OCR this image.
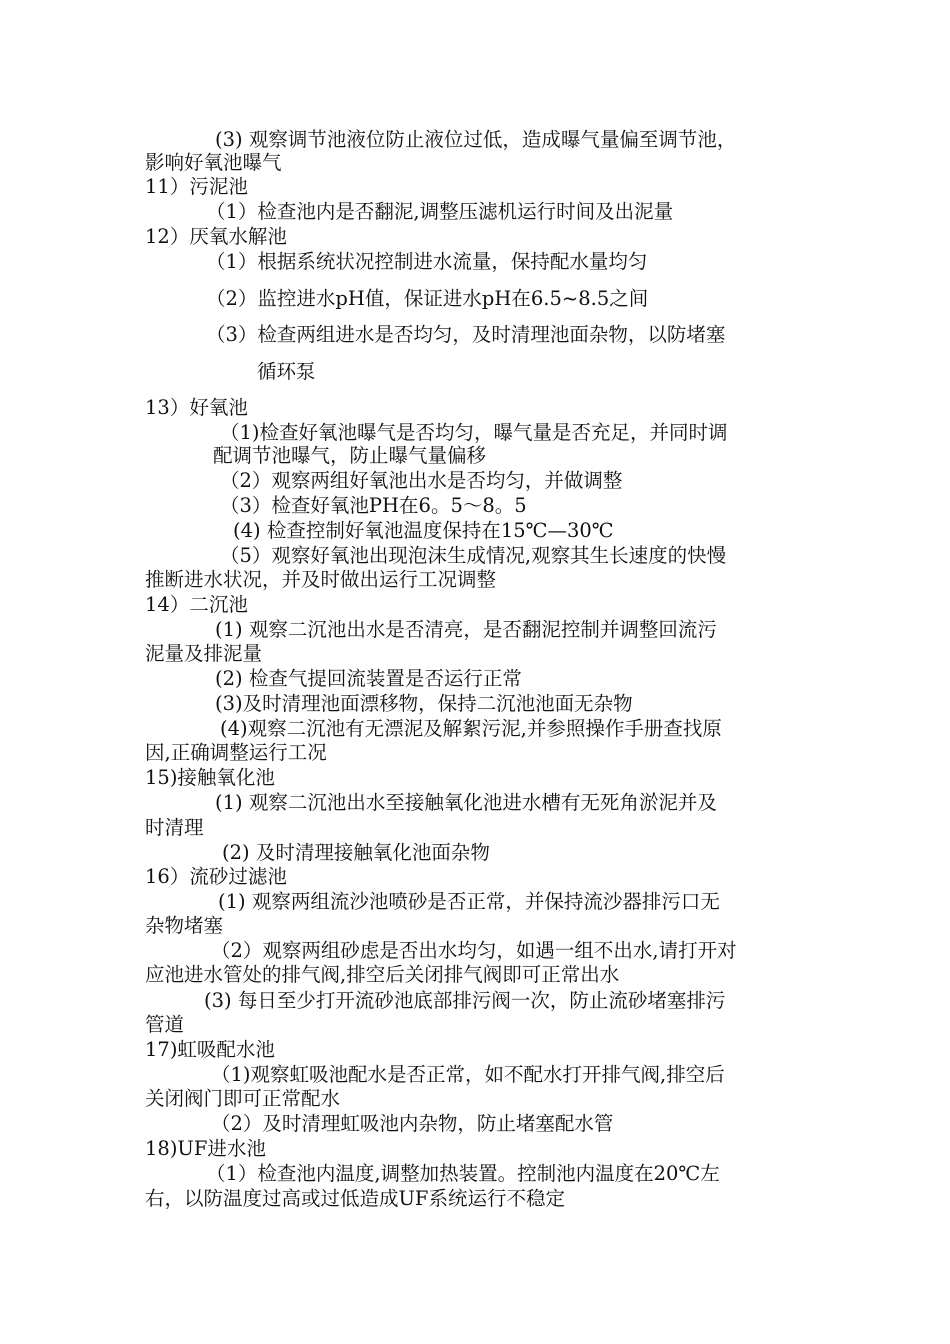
(3) 观察调节池液位防止液位过低，造成曝气量偏至调节池，
影响好氧池曝气
11）污泥池
（1）检查池内是否翻泥,调整压滤机运行时间及出泥量
12）厌氧水解池
（1）根据系统状况控制进水流量，保持配水量均匀
（2）监控进水pH值，保证进水pH在6.5~8.5之间
（3）检查两组进水是否均匀，及时清理池面杂物，以防堵塞
循环泵
13）好氧池
（1)检查好氧池曝气是否均匀，曝气量是否充足，并同时调
配调节池曝气，防止曝气量偏移
（2）观察两组好氧池出水是否均匀，并做调整
（3）检查好氧池PH在6。5～8。5
(4) 检查控制好氧池温度保持在15℃—30℃
（5）观察好氧池出现泡沫生成情况,观察其生长速度的快慢
推断进水状况，并及时做出运行工况调整
14）二沉池
(1) 观察二沉池出水是否清亮，是否翻泥控制并调整回流污
泥量及排泥量
(2) 检查气提回流装置是否运行正常
(3)及时清理池面漂移物，保持二沉池池面无杂物
(4)观察二沉池有无漂泥及解絮污泥,并参照操作手册查找原
因,正确调整运行工况
15)接触氧化池
(1) 观察二沉池出水至接触氧化池进水槽有无死角淤泥并及
时清理
(2) 及时清理接触氧化池面杂物
16）流砂过滤池
(1) 观察两组流沙池喷砂是否正常，并保持流沙器排污口无
杂物堵塞
（2）观察两组砂虑是否出水均匀，如遇一组不出水,请打开对
应池进水管处的排气阀,排空后关闭排气阀即可正常出水
(3) 每日至少打开流砂池底部排污阀一次，防止流砂堵塞排污
管道
17)虹吸配水池
（1)观察虹吸池配水是否正常，如不配水打开排气阀,排空后
关闭阀门即可正常配水
（2）及时清理虹吸池内杂物，防止堵塞配水管
18)UF进水池
（1）检查池内温度,调整加热装置。控制池内温度在20℃左
右，以防温度过高或过低造成UF系统运行不稳定
